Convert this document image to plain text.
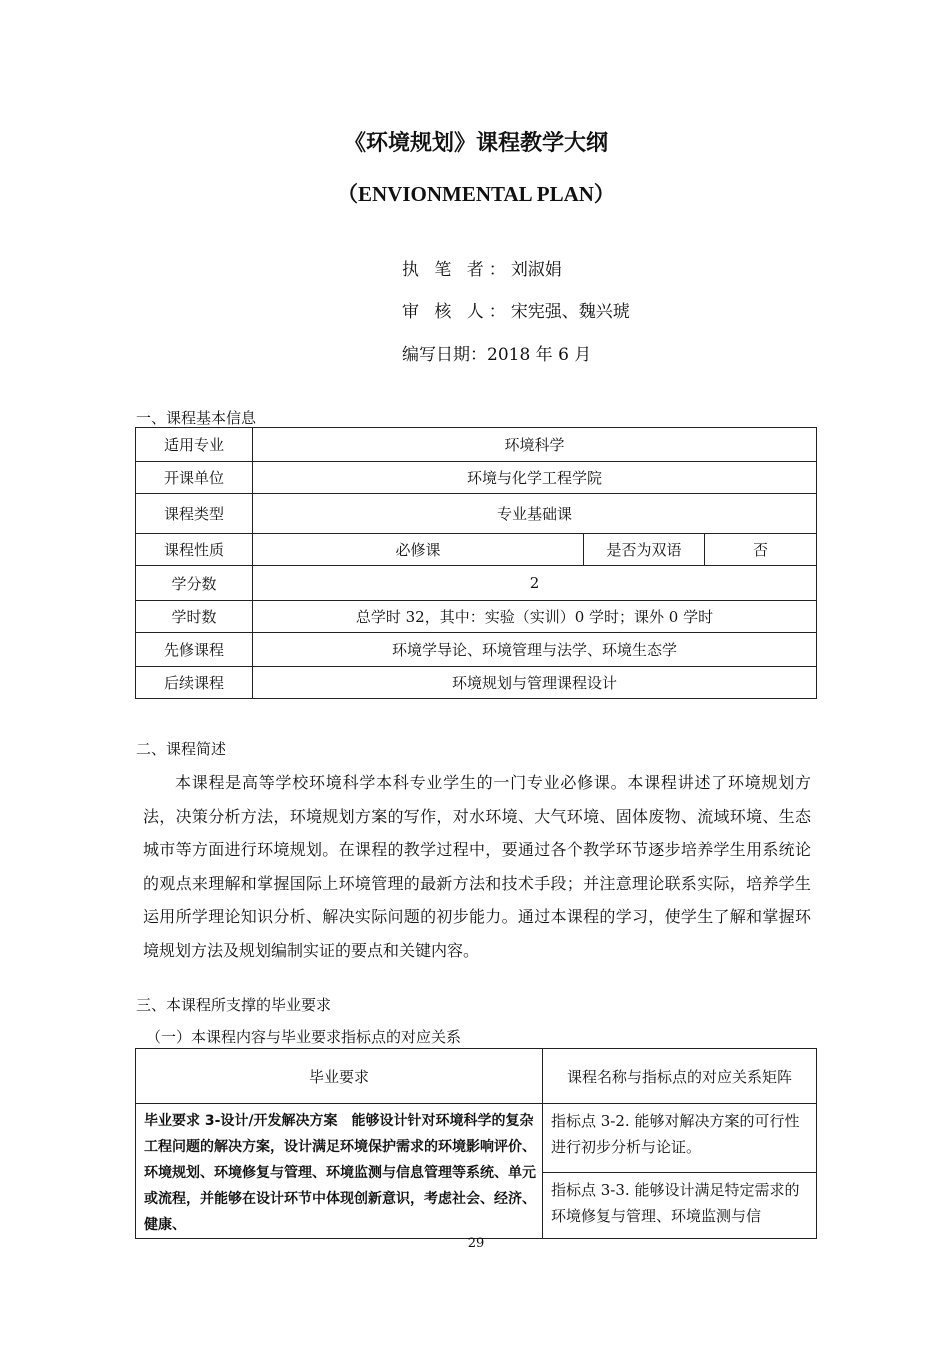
《环境规划》课程教学大纲
（ENVIONMENTAL PLAN）
执 笔 者：刘淑娟
审 核 人：宋宪强、魏兴琥
编写日期：2018 年 6 月
一、课程基本信息
适用专业	环境科学		
开课单位	环境与化学工程学院		
课程类型	专业基础课		
课程性质	必修课	是否为双语	否
学分数	2		
学时数	总学时 32，其中：实验（实训）0 学时；课外 0 学时		
先修课程	环境学导论、环境管理与法学、环境生态学		
后续课程	环境规划与管理课程设计		
二、课程简述

本课程是高等学校环境科学本科专业学生的一门专业必修课。本课程讲述了环境规划方法，决策分析方法，环境规划方案的写作，对水环境、大气环境、固体废物、流域环境、生态城市等方面进行环境规划。在课程的教学过程中，要通过各个教学环节逐步培养学生用系统论的观点来理解和掌握国际上环境管理的最新方法和技术手段；并注意理论联系实际，培养学生运用所学理论知识分析、解决实际问题的初步能力。通过本课程的学习，使学生了解和掌握环境规划方法及规划编制实证的要点和关键内容。

三、本课程所支撑的毕业要求
（一）本课程内容与毕业要求指标点的对应关系
毕业要求	课程名称与指标点的对应关系矩阵
毕业要求 3-设计/开发解决方案　能够设计针对环境科学的复杂工程问题的解决方案，设计满足环境保护需求的环境影响评价、环境规划、环境修复与管理、环境监测与信息管理等系统、单元或流程，并能够在设计环节中体现创新意识，考虑社会、经济、健康、	指标点 3-2. 能够对解决方案的可行性进行初步分析与论证。
	指标点 3-3. 能够设计满足特定需求的环境修复与管理、环境监测与信
29
